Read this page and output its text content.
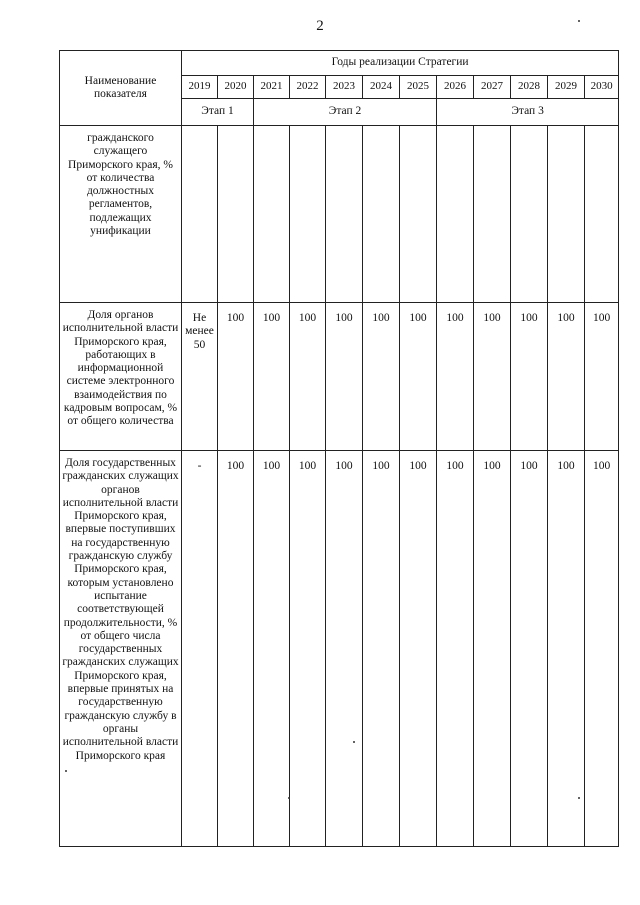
2
Наименование показателя	Годы реализации Стратегии											
	2019	2020	2021	2022	2023	2024	2025	2026	2027	2028	2029	2030
	Этап 1		Этап 2					Этап 3				
гражданского служащего Приморского края, % от количества должностных регламентов, подлежащих унификации												
Доля органов исполнительной власти Приморского края, работающих в информационной системе электронного взаимодействия по кадровым вопросам, % от общего количества	Не менее 50	100	100	100	100	100	100	100	100	100	100	100
Доля государственных гражданских служащих органов исполнительной власти Приморского края, впервые поступивших на государственную гражданскую службу Приморского края, которым установлено испытание соответствующей продолжительности, % от общего числа государственных гражданских служащих Приморского края, впервые принятых на государственную гражданскую службу в органы исполнительной власти Приморского края	-	100	100	100	100	100	100	100	100	100	100	100
